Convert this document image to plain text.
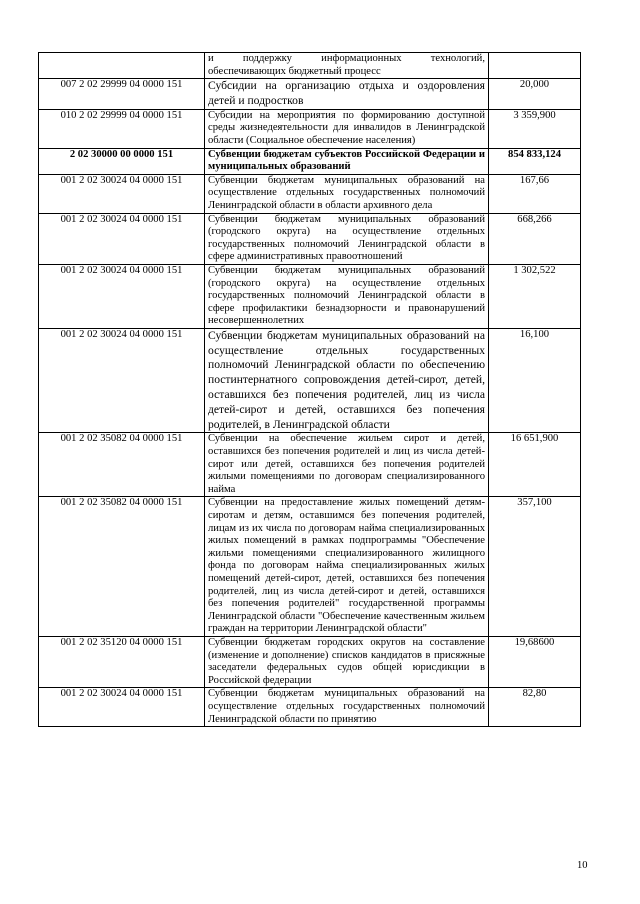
	и поддержку информационных технологий, обеспечивающих бюджетный процесс	
007 2 02 29999 04 0000 151	Субсидии на организацию отдыха и оздоровления детей и подростков	20,000
010 2 02 29999 04 0000 151	Субсидии на мероприятия по формированию доступной среды жизнедеятельности для инвалидов в Ленинградской области (Социальное обеспечение населения)	3 359,900
2 02 30000 00 0000 151	Субвенции бюджетам субъектов Российской Федерации и муниципальных образований	854 833,124
001 2 02 30024 04 0000 151	Субвенции бюджетам муниципальных образований на осуществление отдельных государственных полномочий Ленинградской области в области архивного дела	167,66
001 2 02 30024 04 0000 151	Субвенции бюджетам муниципальных образований (городского округа) на осуществление отдельных государственных полномочий Ленинградской области в сфере административных правоотношений	668,266
001 2 02 30024 04 0000 151	Субвенции бюджетам муниципальных образований (городского округа) на осуществление отдельных государственных полномочий Ленинградской области в сфере профилактики безнадзорности и правонарушений несовершеннолетних	1 302,522
001 2 02 30024 04 0000 151	Субвенции бюджетам муниципальных образований на осуществление отдельных государственных полномочий Ленинградской области по обеспечению постинтернатного сопровождения детей-сирот, детей, оставшихся без попечения родителей, лиц из числа детей-сирот и детей, оставшихся без попечения родителей, в Ленинградской области	16,100
001 2 02 35082 04 0000 151	Субвенции на обеспечение жильем сирот и детей, оставшихся без попечения родителей и лиц из числа детей-сирот или детей, оставшихся без попечения родителей жилыми помещениями по договорам специализированного найма	16 651,900
001 2 02 35082 04 0000 151	Субвенции на предоставление жилых помещений детям-сиротам и детям, оставшимся без попечения родителей, лицам из их числа по договорам найма специализированных жилых помещений в рамках подпрограммы "Обеспечение жильми помещениями специализированного жилищного фонда по договорам найма специализированных жилых помещений детей-сирот, детей, оставшихся без попечения родителей, лиц из числа детей-сирот и детей, оставшихся без попечения родителей" государственной программы Ленинградской области "Обеспечение качественным жильем граждан на территории Ленинградской области"	357,100
001 2 02 35120 04 0000 151	Субвенции бюджетам городских округов на составление (изменение и дополнение) списков кандидатов в присяжные заседатели федеральных судов общей юрисдикции в Российской федерации	19,68600
001 2 02 30024 04 0000 151	Субвенции бюджетам муниципальных образований на осуществление отдельных государственных полномочий Ленинградской области по принятию	82,80
10
